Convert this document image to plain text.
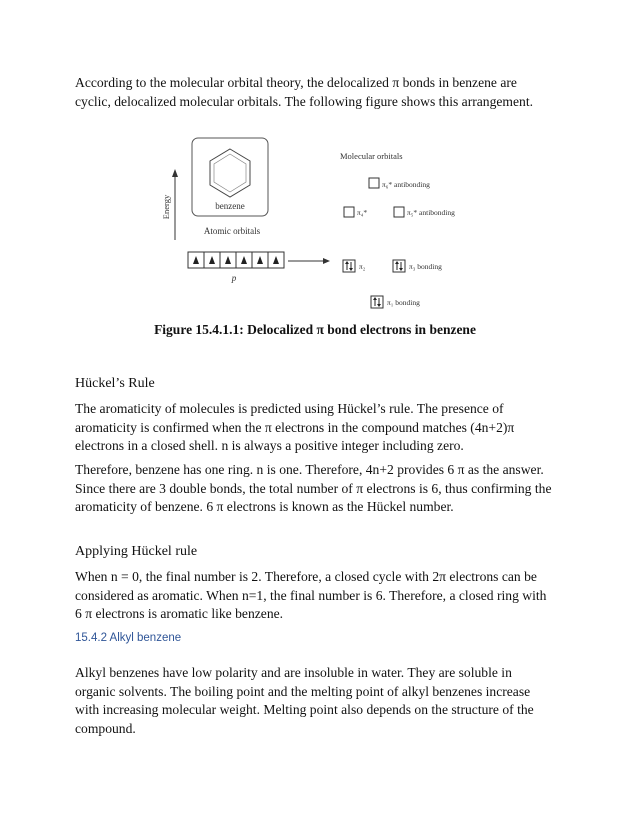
According to the molecular orbital theory, the delocalized π bonds in benzene are cyclic, delocalized molecular orbitals. The following figure shows this arrangement.

benzene
Energy
Atomic orbitals
p
Molecular orbitals
π₆* antibonding
π₄*	π₅* antibonding
π₂	π₃ bonding
π₁ bonding

Figure 15.4.1.1: Delocalized π bond electrons in benzene

Hückel’s Rule

The aromaticity of molecules is predicted using Hückel’s rule. The presence of aromaticity is confirmed when the π electrons in the compound matches (4n+2)π electrons in a closed shell. n is always a positive integer including zero.

Therefore, benzene has one ring. n is one. Therefore, 4n+2 provides 6 π as the answer. Since there are 3 double bonds, the total number of π electrons is 6, thus confirming the aromaticity of benzene. 6 π electrons is known as the Hückel number.

Applying Hückel rule

When n = 0, the final number is 2. Therefore, a closed cycle with 2π electrons can be considered as aromatic. When n=1, the final number is 6. Therefore, a closed ring with 6 π electrons is aromatic like benzene.

15.4.2 Alkyl benzene

Alkyl benzenes have low polarity and are insoluble in water. They are soluble in organic solvents. The boiling point and the melting point of alkyl benzenes increase with increasing molecular weight. Melting point also depends on the structure of the compound.
